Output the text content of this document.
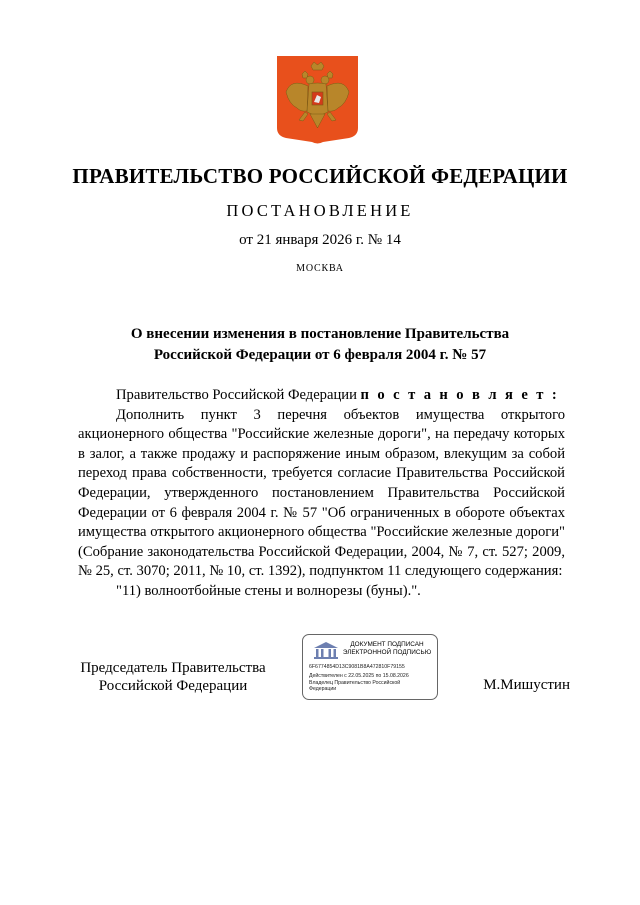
ПРАВИТЕЛЬСТВО РОССИЙСКОЙ ФЕДЕРАЦИИ
ПОСТАНОВЛЕНИЕ
от 21 января 2026 г. № 14
МОСКВА
О внесении изменения в постановление Правительства
Российской Федерации от 6 февраля 2004 г. № 57

Правительство Российской Федерации п о с т а н о в л я е т :

Дополнить пункт 3 перечня объектов имущества открытого акционерного общества "Российские железные дороги", на передачу которых в залог, а также продажу и распоряжение иным образом, влекущим за собой переход права собственности, требуется согласие Правительства Российской Федерации, утвержденного постановлением Правительства Российской Федерации от 6 февраля 2004 г. № 57 "Об ограниченных в обороте объектах имущества открытого акционерного общества "Российские железные дороги" (Собрание законодательства Российской Федерации, 2004, № 7, ст. 527; 2009, № 25, ст. 3070; 2011, № 10, ст. 1392), подпунктом 11 следующего содержания:

"11) волноотбойные стены и волнорезы (буны).".

Председатель Правительства
Российской Федерации
ДОКУМЕНТ ПОДПИСАН
ЭЛЕКТРОННОЙ ПОДПИСЬЮ
6F6774854D13C9081B8A472810F79155
Действителен с 22.05.2025 по 15.08.2026
Владелец Правительство Российской
Федерации	М.Мишустин
